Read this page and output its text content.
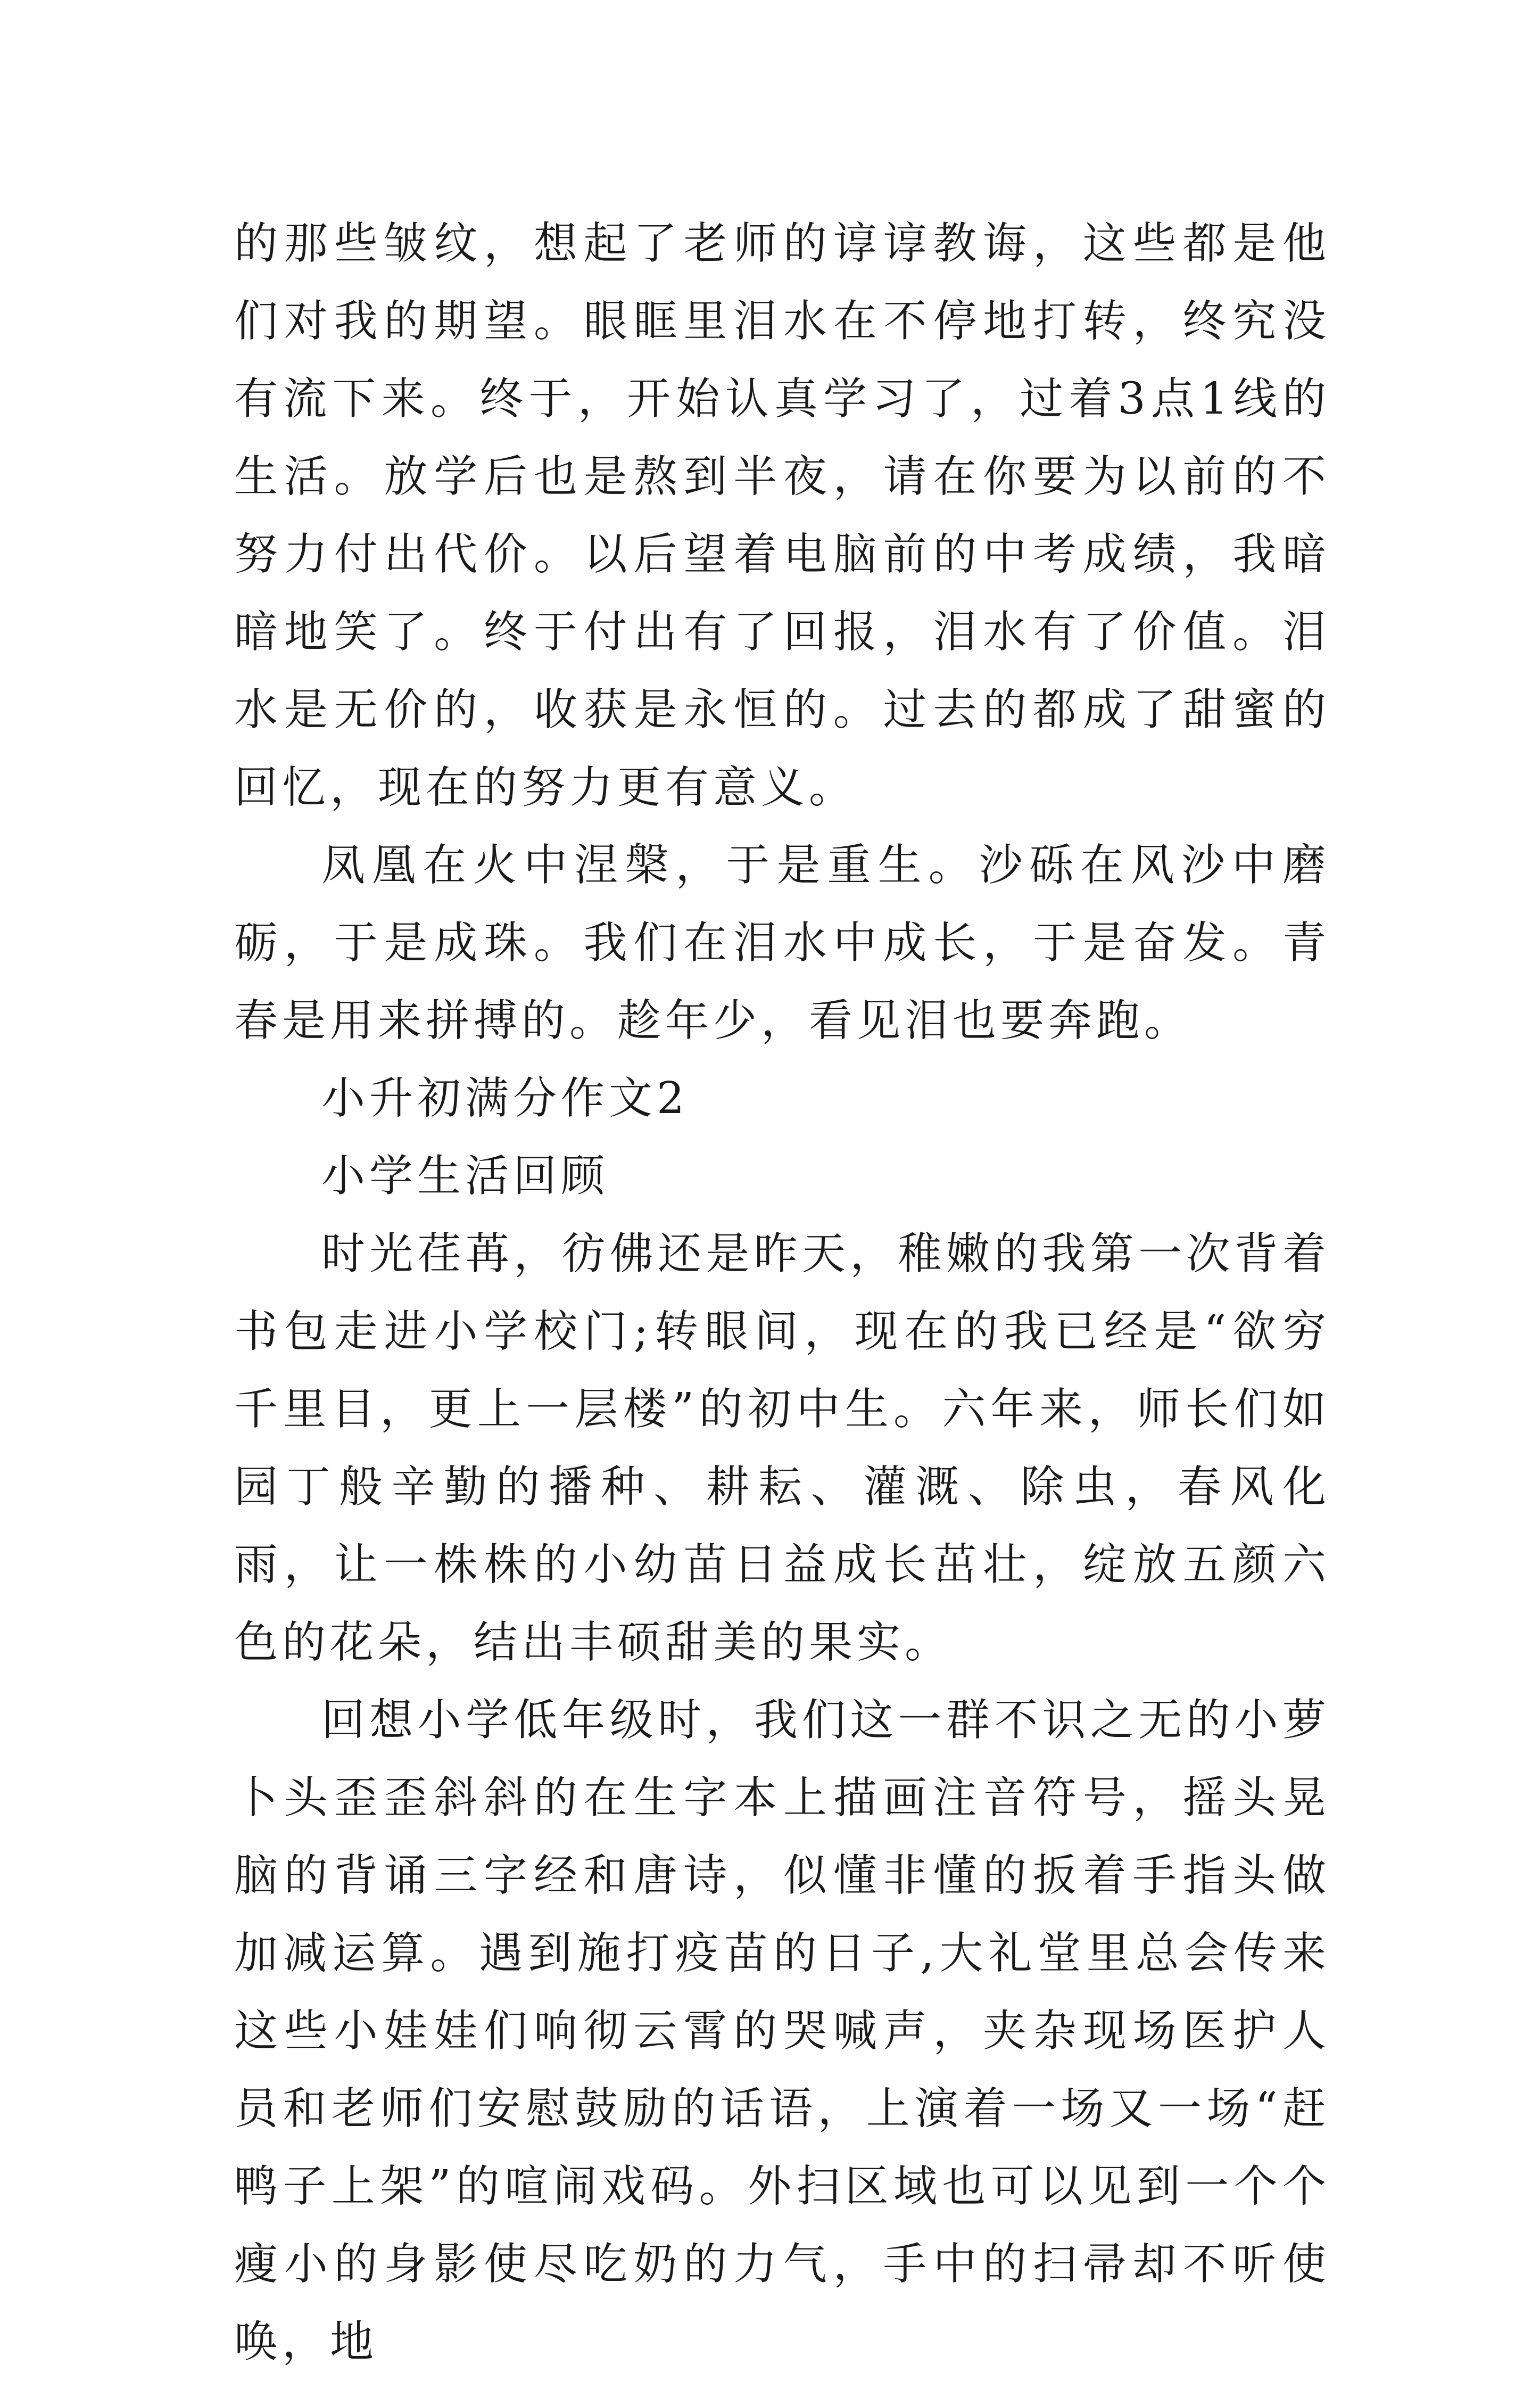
的那些皱纹，想起了老师的谆谆教诲，这些都是他们对我的期望。眼眶里泪水在不停地打转，终究没有流下来。终于，开始认真学习了，过着3点1线的生活。放学后也是熬到半夜，请在你要为以前的不努力付出代价。以后望着电脑前的中考成绩，我暗暗地笑了。终于付出有了回报，泪水有了价值。泪水是无价的，收获是永恒的。过去的都成了甜蜜的回忆，现在的努力更有意义。

凤凰在火中涅槃，于是重生。沙砾在风沙中磨砺，于是成珠。我们在泪水中成长，于是奋发。青春是用来拼搏的。趁年少，看见泪也要奔跑。

小升初满分作文2

小学生活回顾

时光荏苒，彷佛还是昨天，稚嫩的我第一次背着书包走进小学校门;转眼间，现在的我已经是“欲穷千里目，更上一层楼”的初中生。六年来，师长们如园丁般辛勤的播种、耕耘、灌溉、除虫，春风化雨，让一株株的小幼苗日益成长茁壮，绽放五颜六色的花朵，结出丰硕甜美的果实。

回想小学低年级时，我们这一群不识之无的小萝卜头歪歪斜斜的在生字本上描画注音符号，摇头晃脑的背诵三字经和唐诗，似懂非懂的扳着手指头做加减运算。遇到施打疫苗的日子,大礼堂里总会传来这些小娃娃们响彻云霄的哭喊声，夹杂现场医护人员和老师们安慰鼓励的话语，上演着一场又一场“赶鸭子上架”的喧闹戏码。外扫区域也可以见到一个个瘦小的身影使尽吃奶的力气，手中的扫帚却不听使唤，地
